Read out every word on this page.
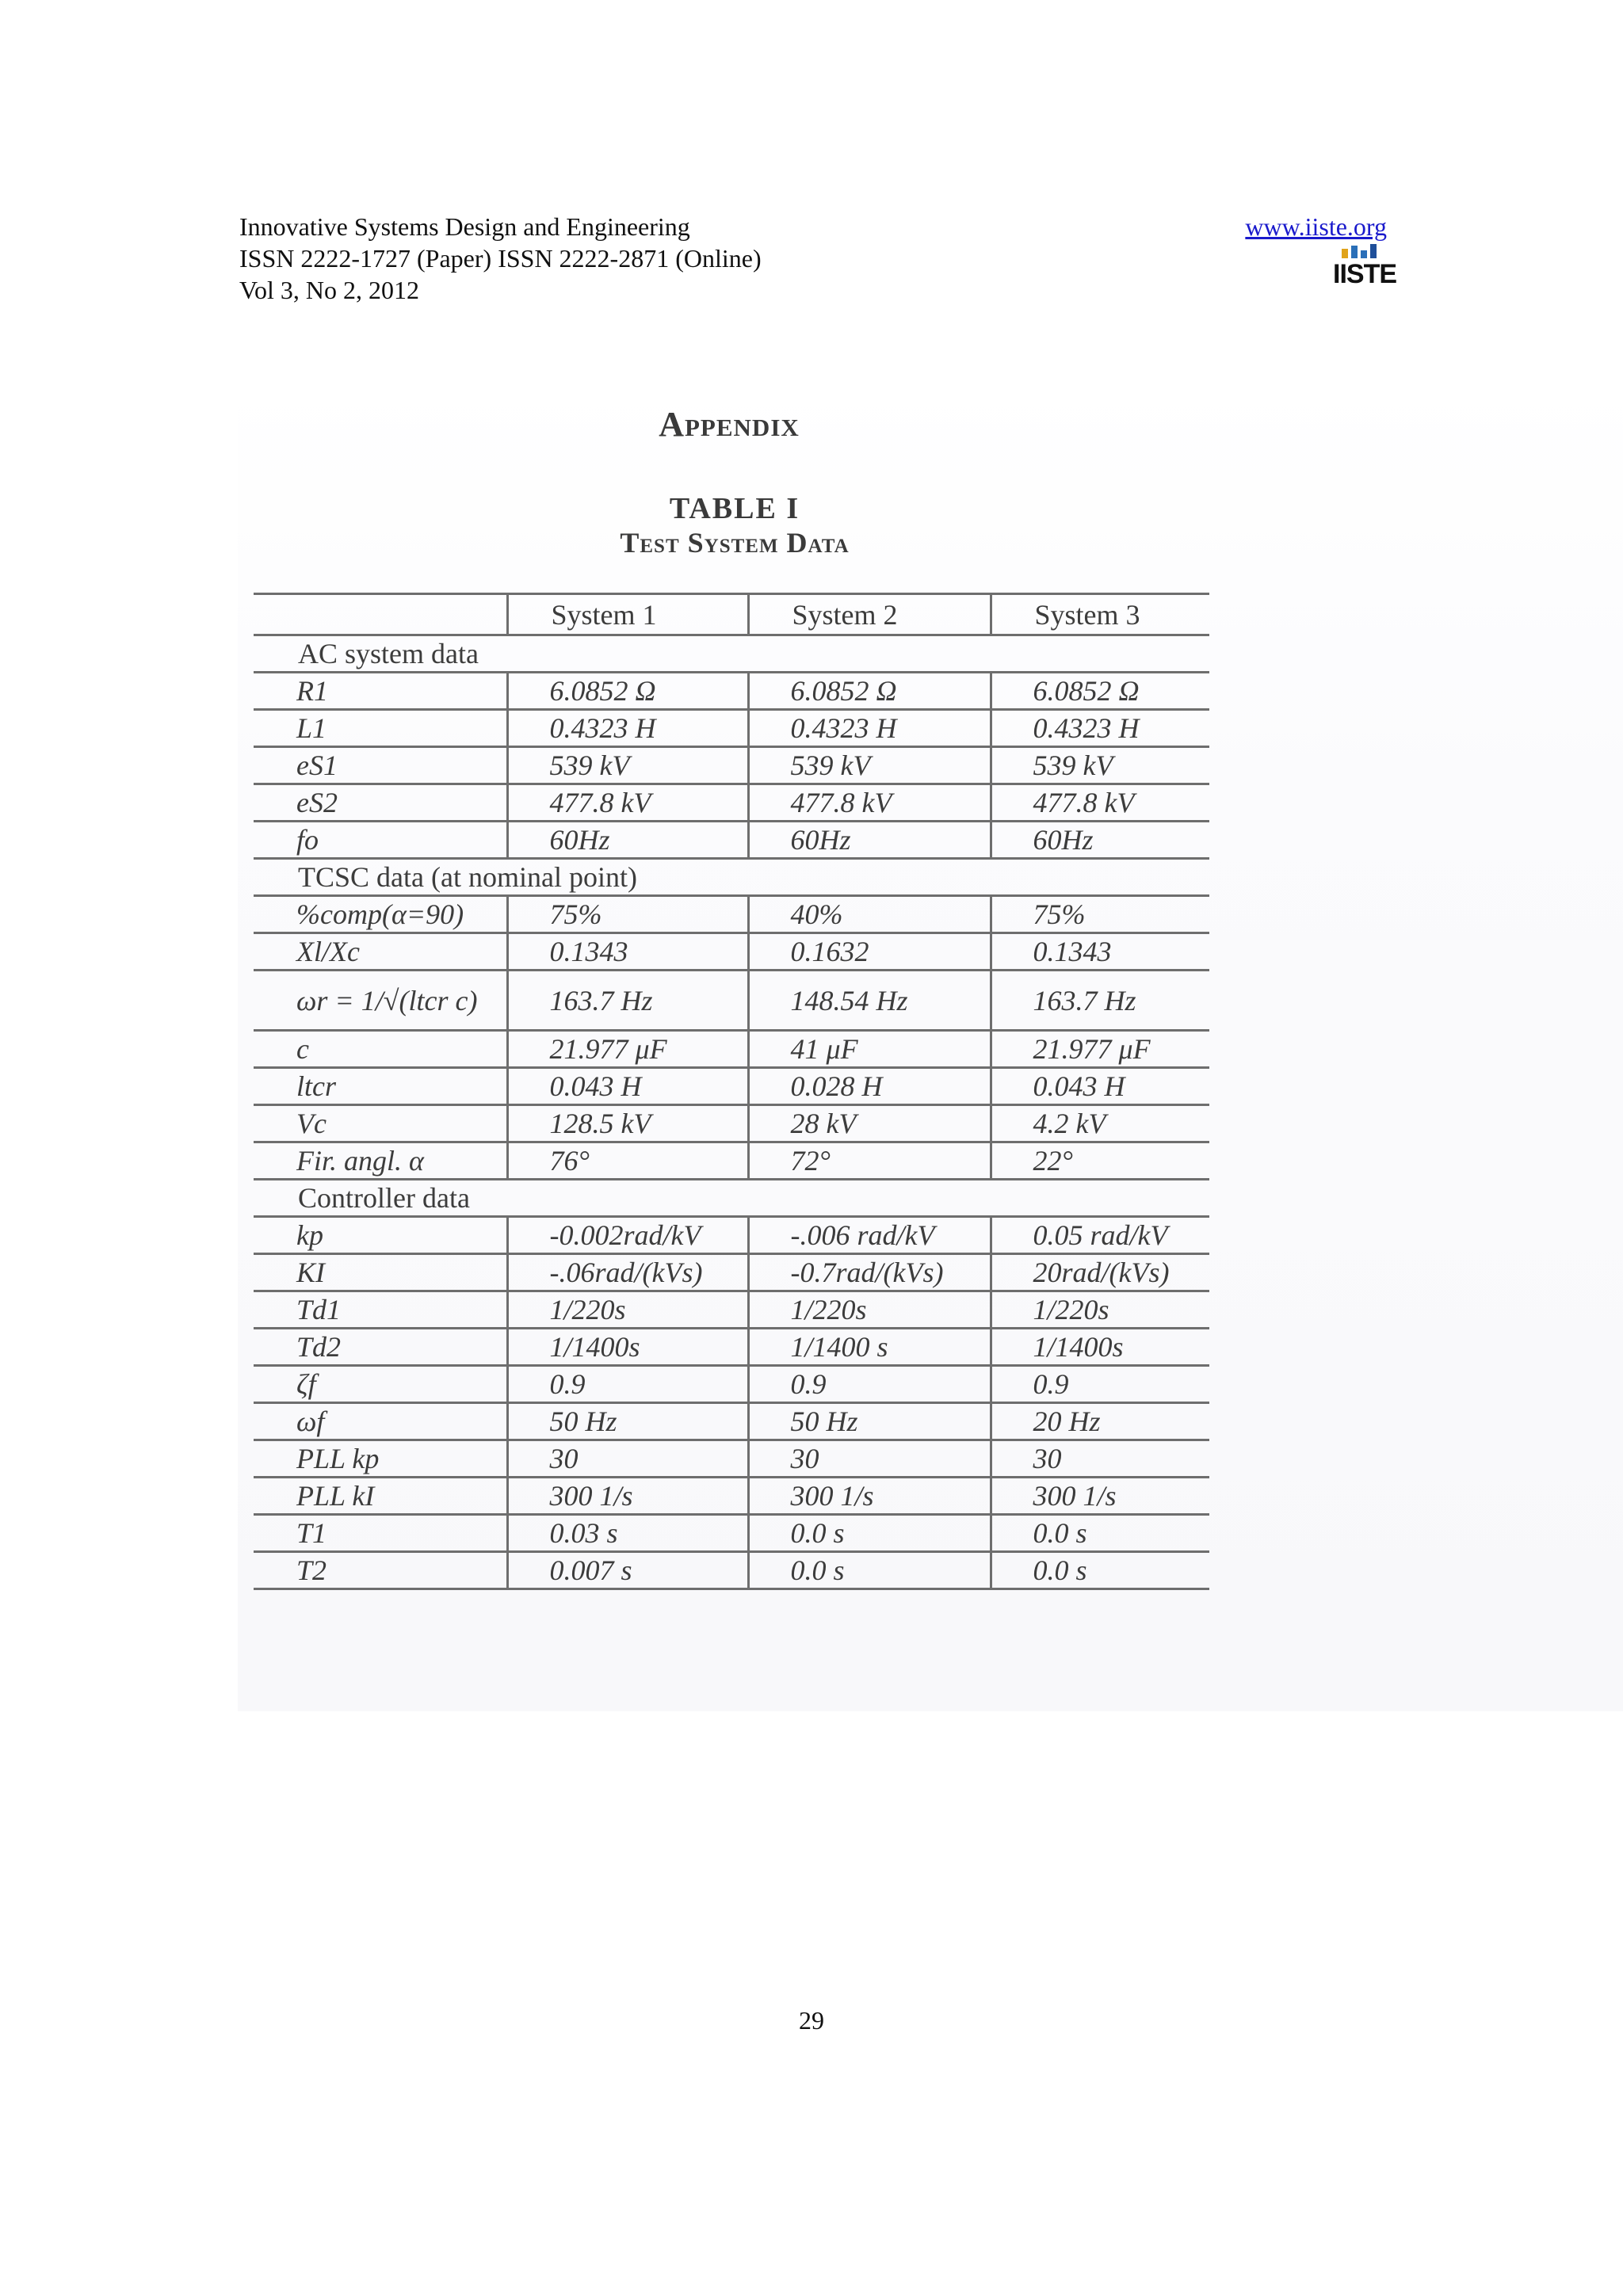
Innovative Systems Design and Engineering
ISSN 2222-1727 (Paper) ISSN 2222-2871 (Online)
Vol 3, No 2, 2012
www.iiste.org
IISTE
Appendix
TABLE I
Test System Data
	System 1	System 2	System 3
AC system data			
R1	6.0852 Ω	6.0852 Ω	6.0852 Ω
L1	0.4323 H	0.4323 H	0.4323 H
eS1	539 kV	539 kV	539 kV
eS2	477.8 kV	477.8 kV	477.8 kV
fo	60Hz	60Hz	60Hz
TCSC data (at nominal point)			
%comp(α=90)	75%	40%	75%
Xl/Xc	0.1343	0.1632	0.1343
ωr = 1/√(ltcr c)	163.7 Hz	148.54 Hz	163.7 Hz
c	21.977 μF	41 μF	21.977 μF
ltcr	0.043 H	0.028 H	0.043 H
Vc	128.5 kV	28 kV	4.2 kV
Fir. angl. α	76°	72°	22°
Controller data			
kp	-0.002rad/kV	-.006 rad/kV	0.05 rad/kV
KI	-.06rad/(kVs)	-0.7rad/(kVs)	20rad/(kVs)
Td1	1/220s	1/220s	1/220s
Td2	1/1400s	1/1400 s	1/1400s
ζf	0.9	0.9	0.9
ωf	50 Hz	50 Hz	20 Hz
PLL kp	30	30	30
PLL kI	300 1/s	300 1/s	300 1/s
T1	0.03 s	0.0 s	0.0 s
T2	0.007 s	0.0 s	0.0 s
29
